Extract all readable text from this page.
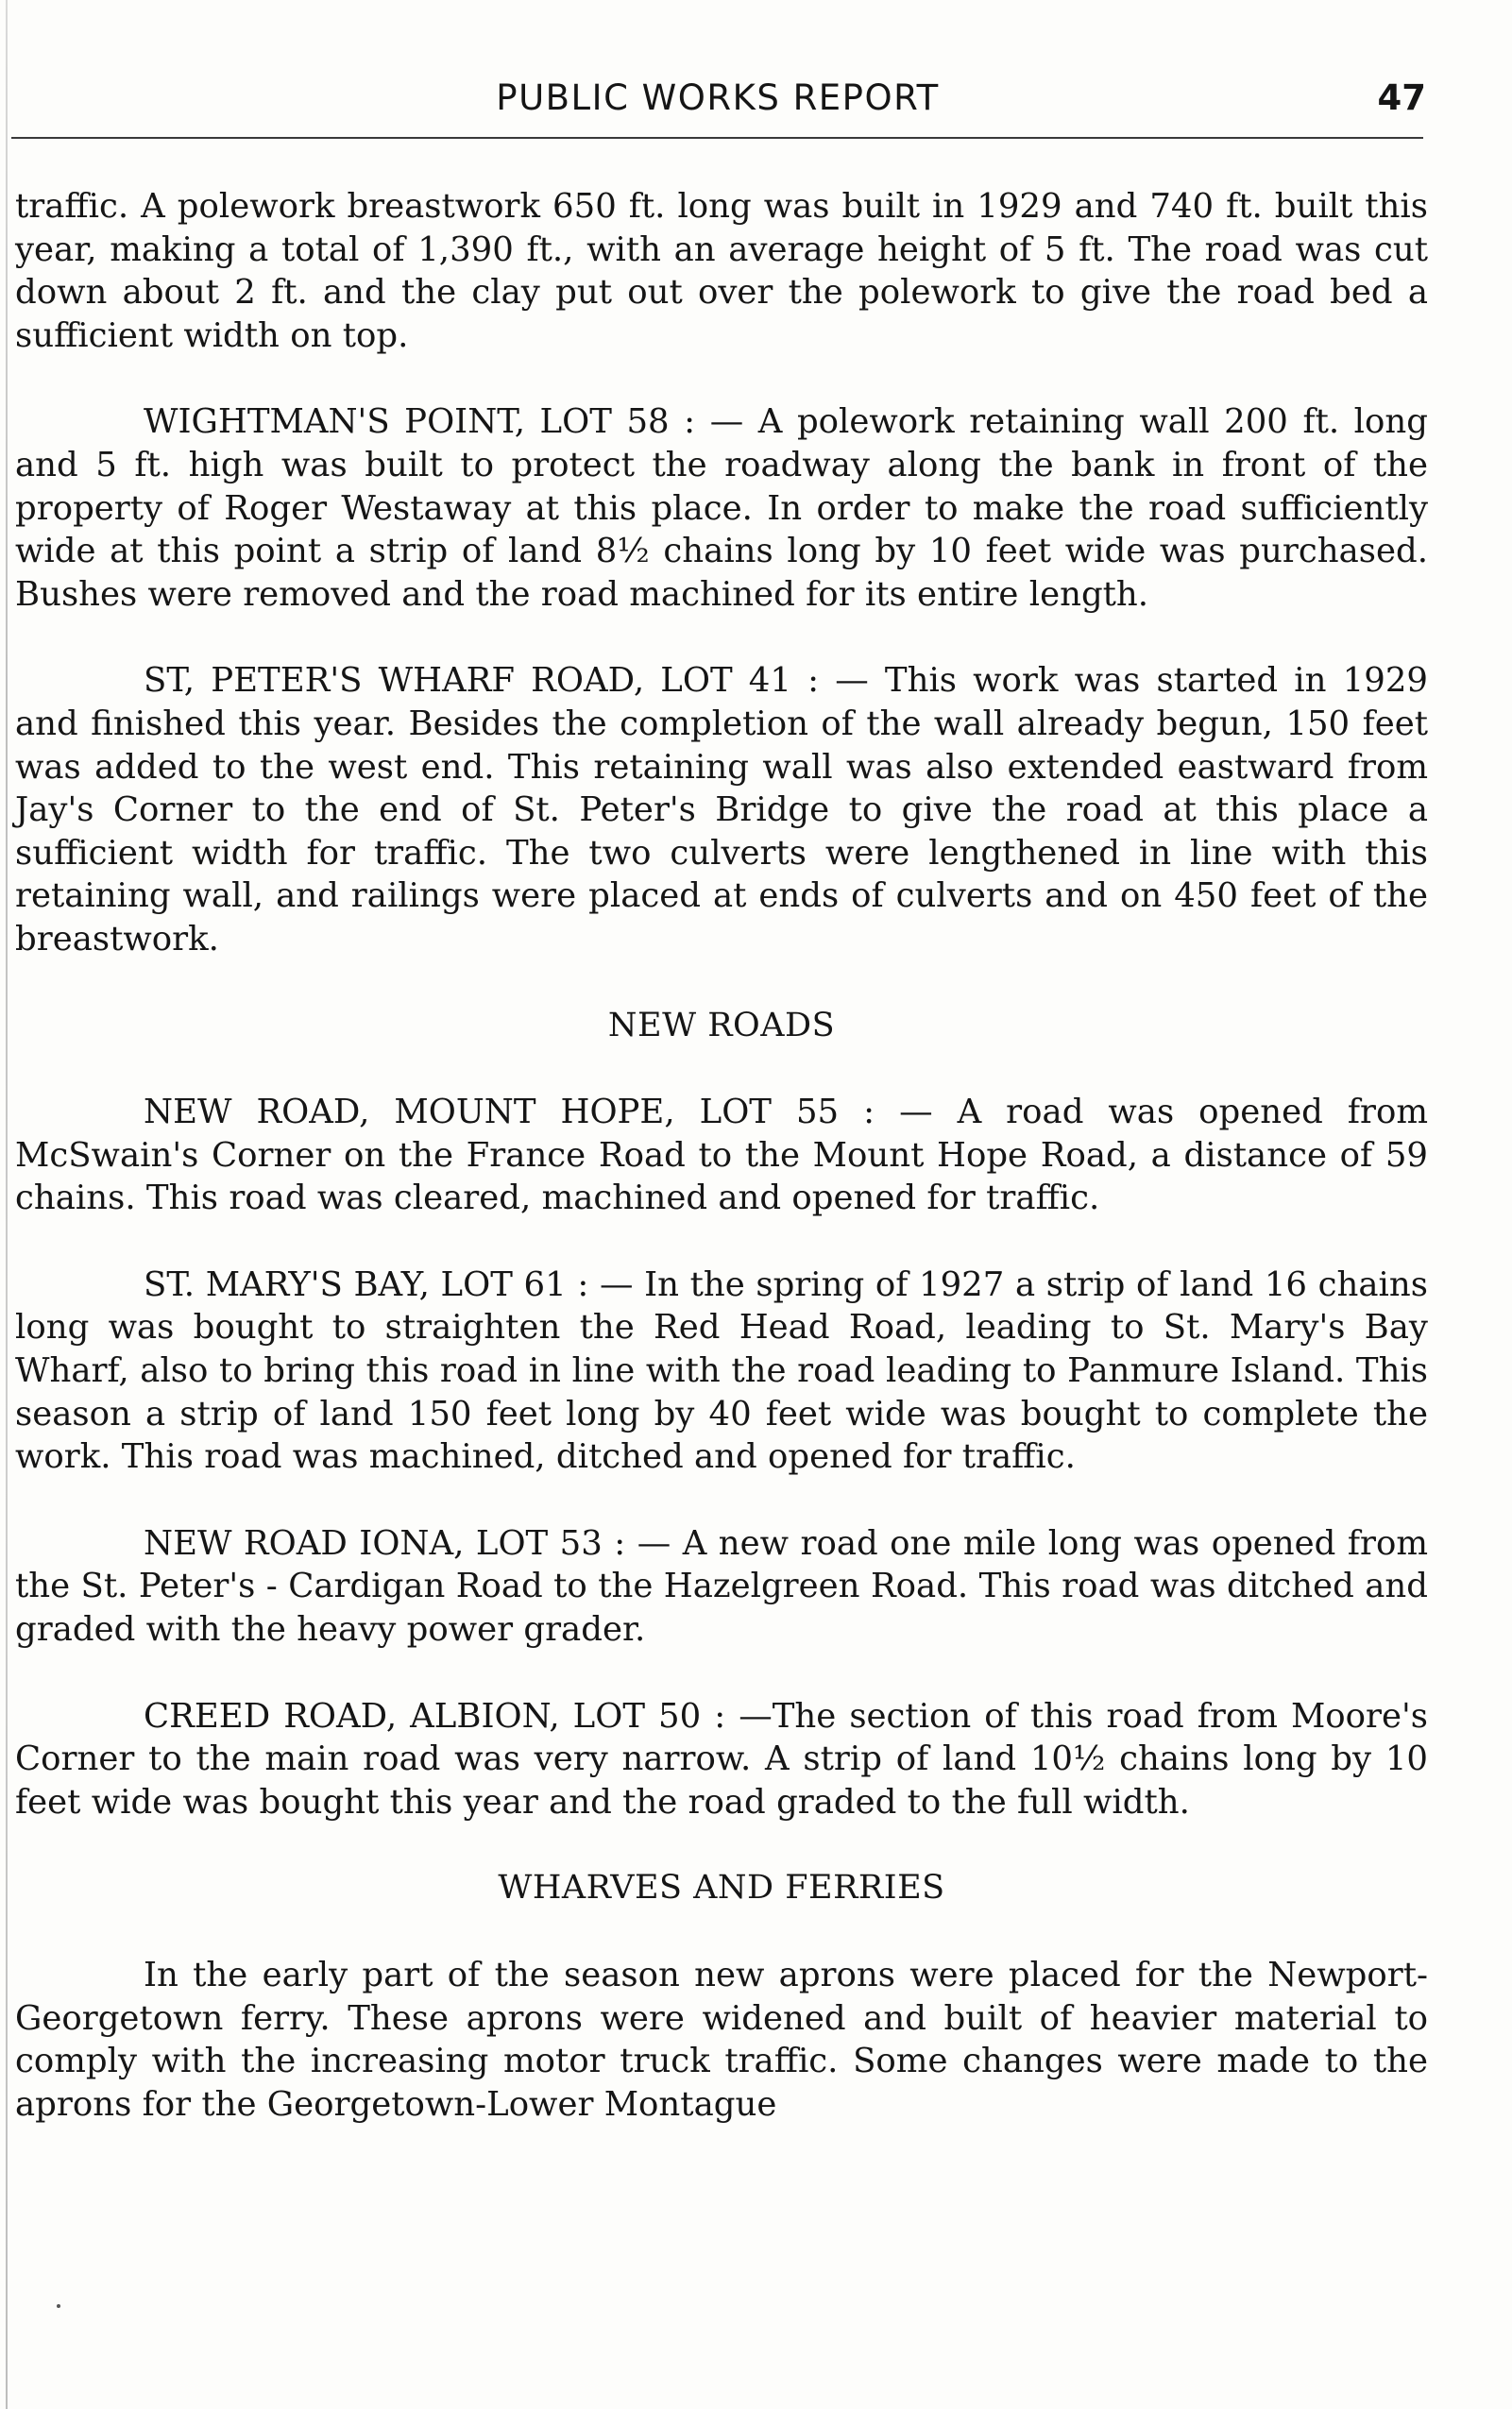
PUBLIC WORKS REPORT	47

traffic. A polework breastwork 650 ft. long was built in 1929 and 740 ft. built this year, making a total of 1,390 ft., with an average height of 5 ft. The road was cut down about 2 ft. and the clay put out over the polework to give the road bed a sufficient width on top.

WIGHTMAN'S POINT, LOT 58 : — A polework retaining wall 200 ft. long and 5 ft. high was built to protect the roadway along the bank in front of the property of Roger Westaway at this place. In order to make the road sufficiently wide at this point a strip of land 8½ chains long by 10 feet wide was purchased. Bushes were removed and the road machined for its entire length.

ST, PETER'S WHARF ROAD, LOT 41 : — This work was started in 1929 and finished this year. Besides the completion of the wall already begun, 150 feet was added to the west end. This retaining wall was also extended eastward from Jay's Corner to the end of St. Peter's Bridge to give the road at this place a sufficient width for traffic. The two culverts were lengthened in line with this retaining wall, and railings were placed at ends of culverts and on 450 feet of the breastwork.

NEW ROADS

NEW ROAD, MOUNT HOPE, LOT 55 : — A road was opened from McSwain's Corner on the France Road to the Mount Hope Road, a distance of 59 chains. This road was cleared, machined and opened for traffic.

ST. MARY'S BAY, LOT 61 : — In the spring of 1927 a strip of land 16 chains long was bought to straighten the Red Head Road, leading to St. Mary's Bay Wharf, also to bring this road in line with the road leading to Panmure Island. This season a strip of land 150 feet long by 40 feet wide was bought to complete the work. This road was machined, ditched and opened for traffic.

NEW ROAD IONA, LOT 53 : — A new road one mile long was opened from the St. Peter's - Cardigan Road to the Hazelgreen Road. This road was ditched and graded with the heavy power grader.

CREED ROAD, ALBION, LOT 50 : —The section of this road from Moore's Corner to the main road was very narrow. A strip of land 10½ chains long by 10 feet wide was bought this year and the road graded to the full width.

WHARVES AND FERRIES

In the early part of the season new aprons were placed for the Newport-Georgetown ferry. These aprons were widened and built of heavier material to comply with the increasing motor truck traffic. Some changes were made to the aprons for the Georgetown-Lower Montague
